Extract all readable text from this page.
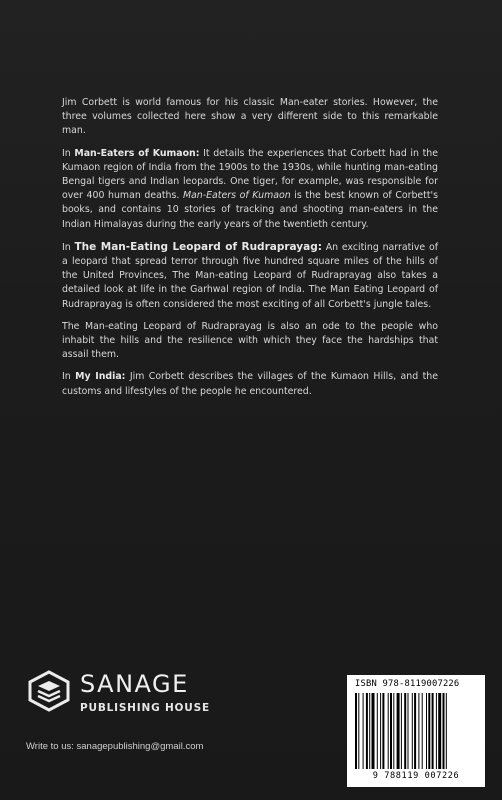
Jim Corbett is world famous for his classic Man-eater stories. However, the three volumes collected here show a very different side to this remarkable man.

In Man-Eaters of Kumaon: It details the experiences that Corbett had in the Kumaon region of India from the 1900s to the 1930s, while hunting man-eating Bengal tigers and Indian leopards. One tiger, for example, was responsible for over 400 human deaths. Man-Eaters of Kumaon is the best known of Corbett's books, and contains 10 stories of tracking and shooting man-eaters in the Indian Himalayas during the early years of the twentieth century.

In The Man-Eating Leopard of Rudraprayag: An exciting narrative of a leopard that spread terror through five hundred square miles of the hills of the United Provinces, The Man-eating Leopard of Rudraprayag also takes a detailed look at life in the Garhwal region of India. The Man Eating Leopard of Rudraprayag is often considered the most exciting of all Corbett's jungle tales.

The Man-eating Leopard of Rudraprayag is also an ode to the people who inhabit the hills and the resilience with which they face the hardships that assail them.

In My India: Jim Corbett describes the villages of the Kumaon Hills, and the customs and lifestyles of the people he encountered.

SANAGE
PUBLISHING HOUSE
Write to us: sanagepublishing@gmail.com
ISBN 978-8119007226
9 788119 007226
